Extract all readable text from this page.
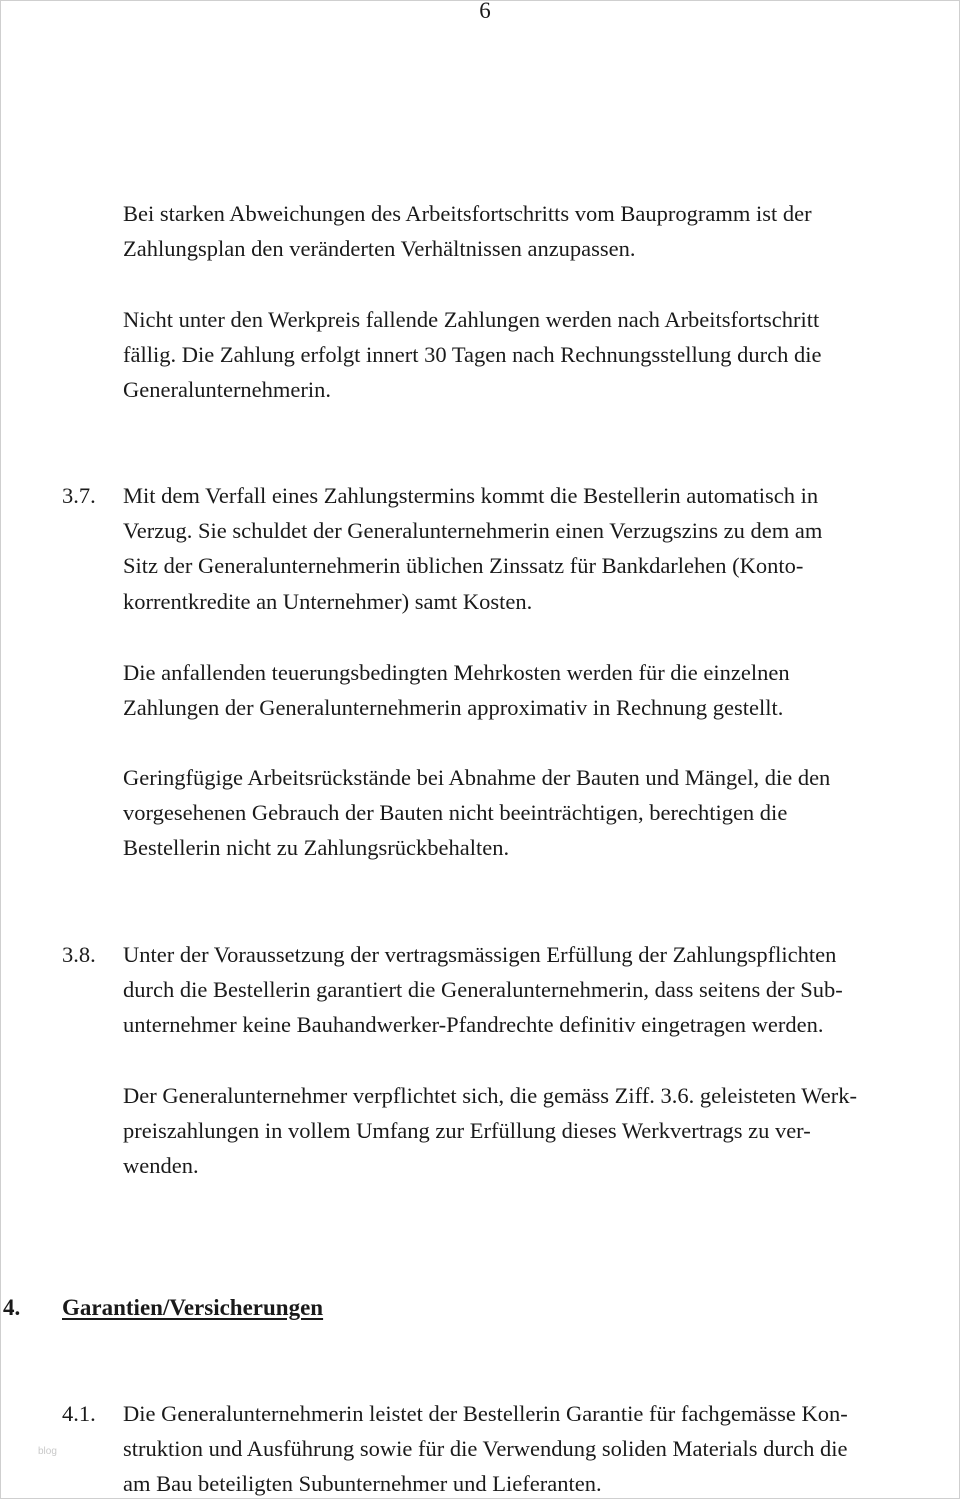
6
Bei starken Abweichungen des Arbeitsfortschritts vom Bauprogramm ist der
Zahlungsplan den veränderten Verhältnissen anzupassen.
Nicht unter den Werkpreis fallende Zahlungen werden nach Arbeitsfortschritt
fällig. Die Zahlung erfolgt innert 30 Tagen nach Rechnungsstellung durch die
Generalunternehmerin.
3.7. Mit dem Verfall eines Zahlungstermins kommt die Bestellerin automatisch in
Verzug. Sie schuldet der Generalunternehmerin einen Verzugszins zu dem am
Sitz der Generalunternehmerin üblichen Zinssatz für Bankdarlehen (Konto-
korrentkredite an Unternehmer) samt Kosten.
Die anfallenden teuerungsbedingten Mehrkosten werden für die einzelnen
Zahlungen der Generalunternehmerin approximativ in Rechnung gestellt.
Geringfügige Arbeitsrückstände bei Abnahme der Bauten und Mängel, die den
vorgesehenen Gebrauch der Bauten nicht beeinträchtigen, berechtigen die
Bestellerin nicht zu Zahlungsrückbehalten.
3.8. Unter der Voraussetzung der vertragsmässigen Erfüllung der Zahlungspflichten
durch die Bestellerin garantiert die Generalunternehmerin, dass seitens der Sub-
unternehmer keine Bauhandwerker-Pfandrechte definitiv eingetragen werden.
Der Generalunternehmer verpflichtet sich, die gemäss Ziff. 3.6. geleisteten Werk-
preiszahlungen in vollem Umfang zur Erfüllung dieses Werkvertrags zu ver-
wenden.
4. Garantien/Versicherungen
4.1. Die Generalunternehmerin leistet der Bestellerin Garantie für fachgemässe Kon-
struktion und Ausführung sowie für die Verwendung soliden Materials durch die
am Bau beteiligten Subunternehmer und Lieferanten.
blog
